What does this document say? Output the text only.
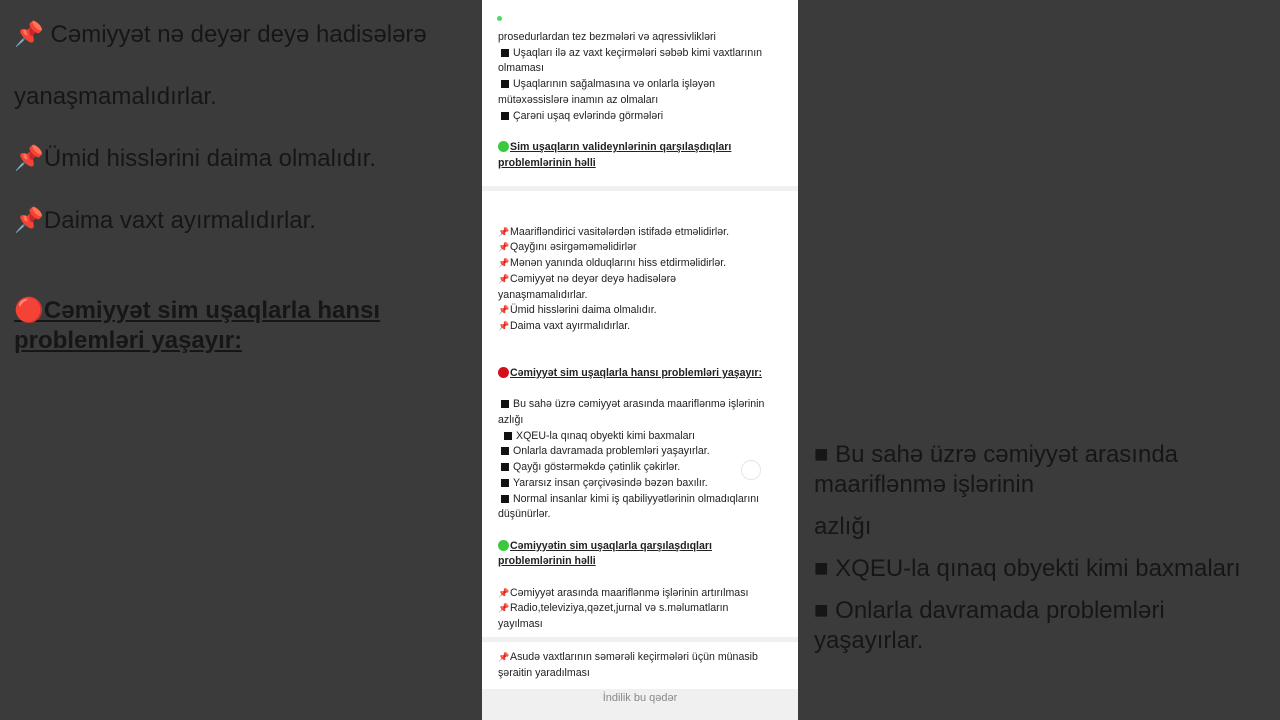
📌 Cəmiyyət nə deyər deyə hadisələrə
yanaşmamalıdırlar.
📌Ümid hisslərini daima olmalıdır.
📌Daima vaxt ayırmalıdırlar.
🔴Cəmiyyət sim uşaqlarla hansı problemləri yaşayır:
■ Bu sahə üzrə cəmiyyət arasında maariflənmə işlərinin
azlığı
■ XQEU-la qınaq obyekti kimi baxmaları
■ Onlarla davramada problemləri yaşayırlar.
prosedurlardan tez bezmələri və aqressivlikləri
Uşaqları ilə az vaxt keçirmələri səbəb kimi vaxtlarının olmaması
Uşaqlarının sağalmasına və onlarla işləyən mütəxəssislərə inamın az olmaları
Çarəni uşaq evlərində görmələri
Sim uşaqların valideynlərinin qarşılaşdıqları problemlərinin həlli
📌Maarifləndirici vasitələrdən istifadə etməlidirlər.
📌Qayğını əsirgəməməlidirlər
📌Mənən yanında olduqlarını hiss etdirməlidirlər.
📌Cəmiyyət nə deyər deyə hadisələrə yanaşmamalıdırlar.
📌Ümid hisslərini daima olmalıdır.
📌Daima vaxt ayırmalıdırlar.
Cəmiyyət sim uşaqlarla hansı problemləri yaşayır:
Bu sahə üzrə cəmiyyət arasında maariflənmə işlərinin azlığı
XQEU-la qınaq obyekti kimi baxmaları
Onlarla davramada problemləri yaşayırlar.
Qayğı göstərməkdə çətinlik çəkirlər.
Yararsız insan çərçivəsində bəzən baxılır.
Normal insanlar kimi iş qabiliyyətlərinin olmadıqlarını düşünürlər.
Cəmiyyətin sim uşaqlarla qarşılaşdıqları problemlərinin həlli
📌Cəmiyyət arasında maariflənmə işlərinin artırılması
📌Radio,televiziya,qəzet,jurnal və s.məlumatların yayılması
📌Asudə vaxtlarının səmərəli keçirmələri üçün münasib şəraitin yaradılması
İndilik bu qədər
